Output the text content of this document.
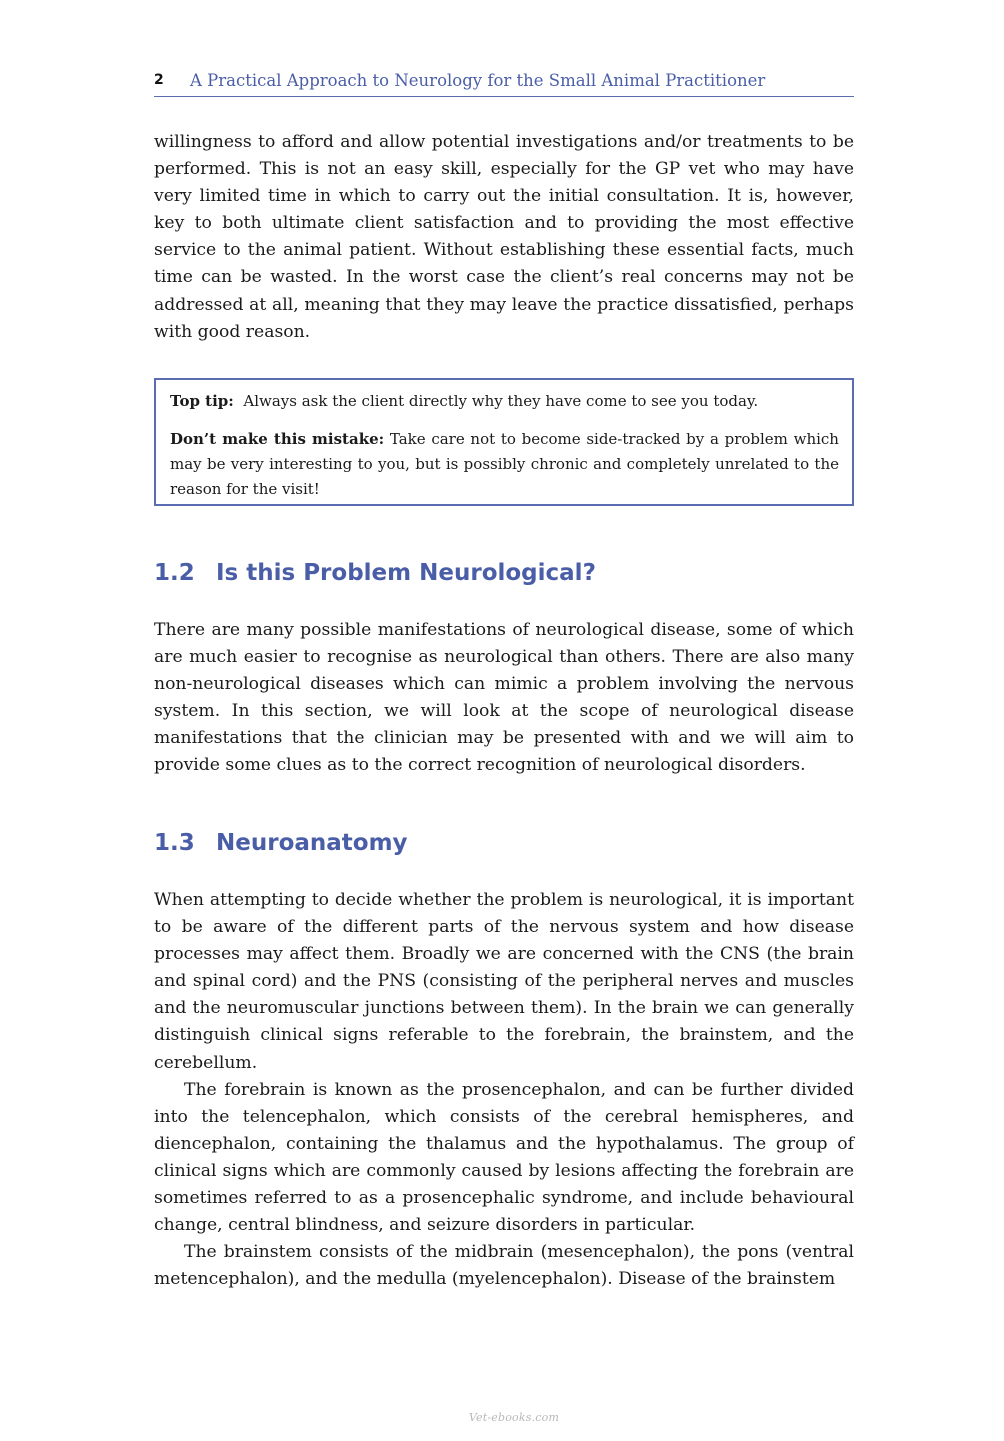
2 A Practical Approach to Neurology for the Small Animal Practitioner

willingness to afford and allow potential investigations and/or treatments to be performed. This is not an easy skill, especially for the GP vet who may have very limited time in which to carry out the initial consultation. It is, however, key to both ultimate client satisfaction and to providing the most effective service to the animal patient. Without establishing these essential facts, much time can be wasted. In the worst case the client’s real concerns may not be addressed at all, meaning that they may leave the practice dissatisfied, perhaps with good reason.

Top tip: Always ask the client directly why they have come to see you today.

Don’t make this mistake: Take care not to become side-tracked by a problem which may be very interesting to you, but is possibly chronic and completely unrelated to the reason for the visit!

1.2 Is this Problem Neurological?

There are many possible manifestations of neurological disease, some of which are much easier to recognise as neurological than others. There are also many non-neurological diseases which can mimic a problem involving the nervous system. In this section, we will look at the scope of neurological disease manifestations that the clinician may be presented with and we will aim to provide some clues as to the correct recognition of neurological disorders.

1.3 Neuroanatomy

When attempting to decide whether the problem is neurological, it is important to be aware of the different parts of the nervous system and how disease processes may affect them. Broadly we are concerned with the CNS (the brain and spinal cord) and the PNS (consisting of the peripheral nerves and muscles and the neuromuscular junctions between them). In the brain we can generally distinguish clinical signs referable to the forebrain, the brainstem, and the cerebellum.

The forebrain is known as the prosencephalon, and can be further divided into the telencephalon, which consists of the cerebral hemispheres, and diencephalon, containing the thalamus and the hypothalamus. The group of clinical signs which are commonly caused by lesions affecting the forebrain are sometimes referred to as a prosencephalic syndrome, and include behavioural change, central blindness, and seizure disorders in particular.

The brainstem consists of the midbrain (mesencephalon), the pons (ventral metencephalon), and the medulla (myelencephalon). Disease of the brainstem

Vet-ebooks.com
